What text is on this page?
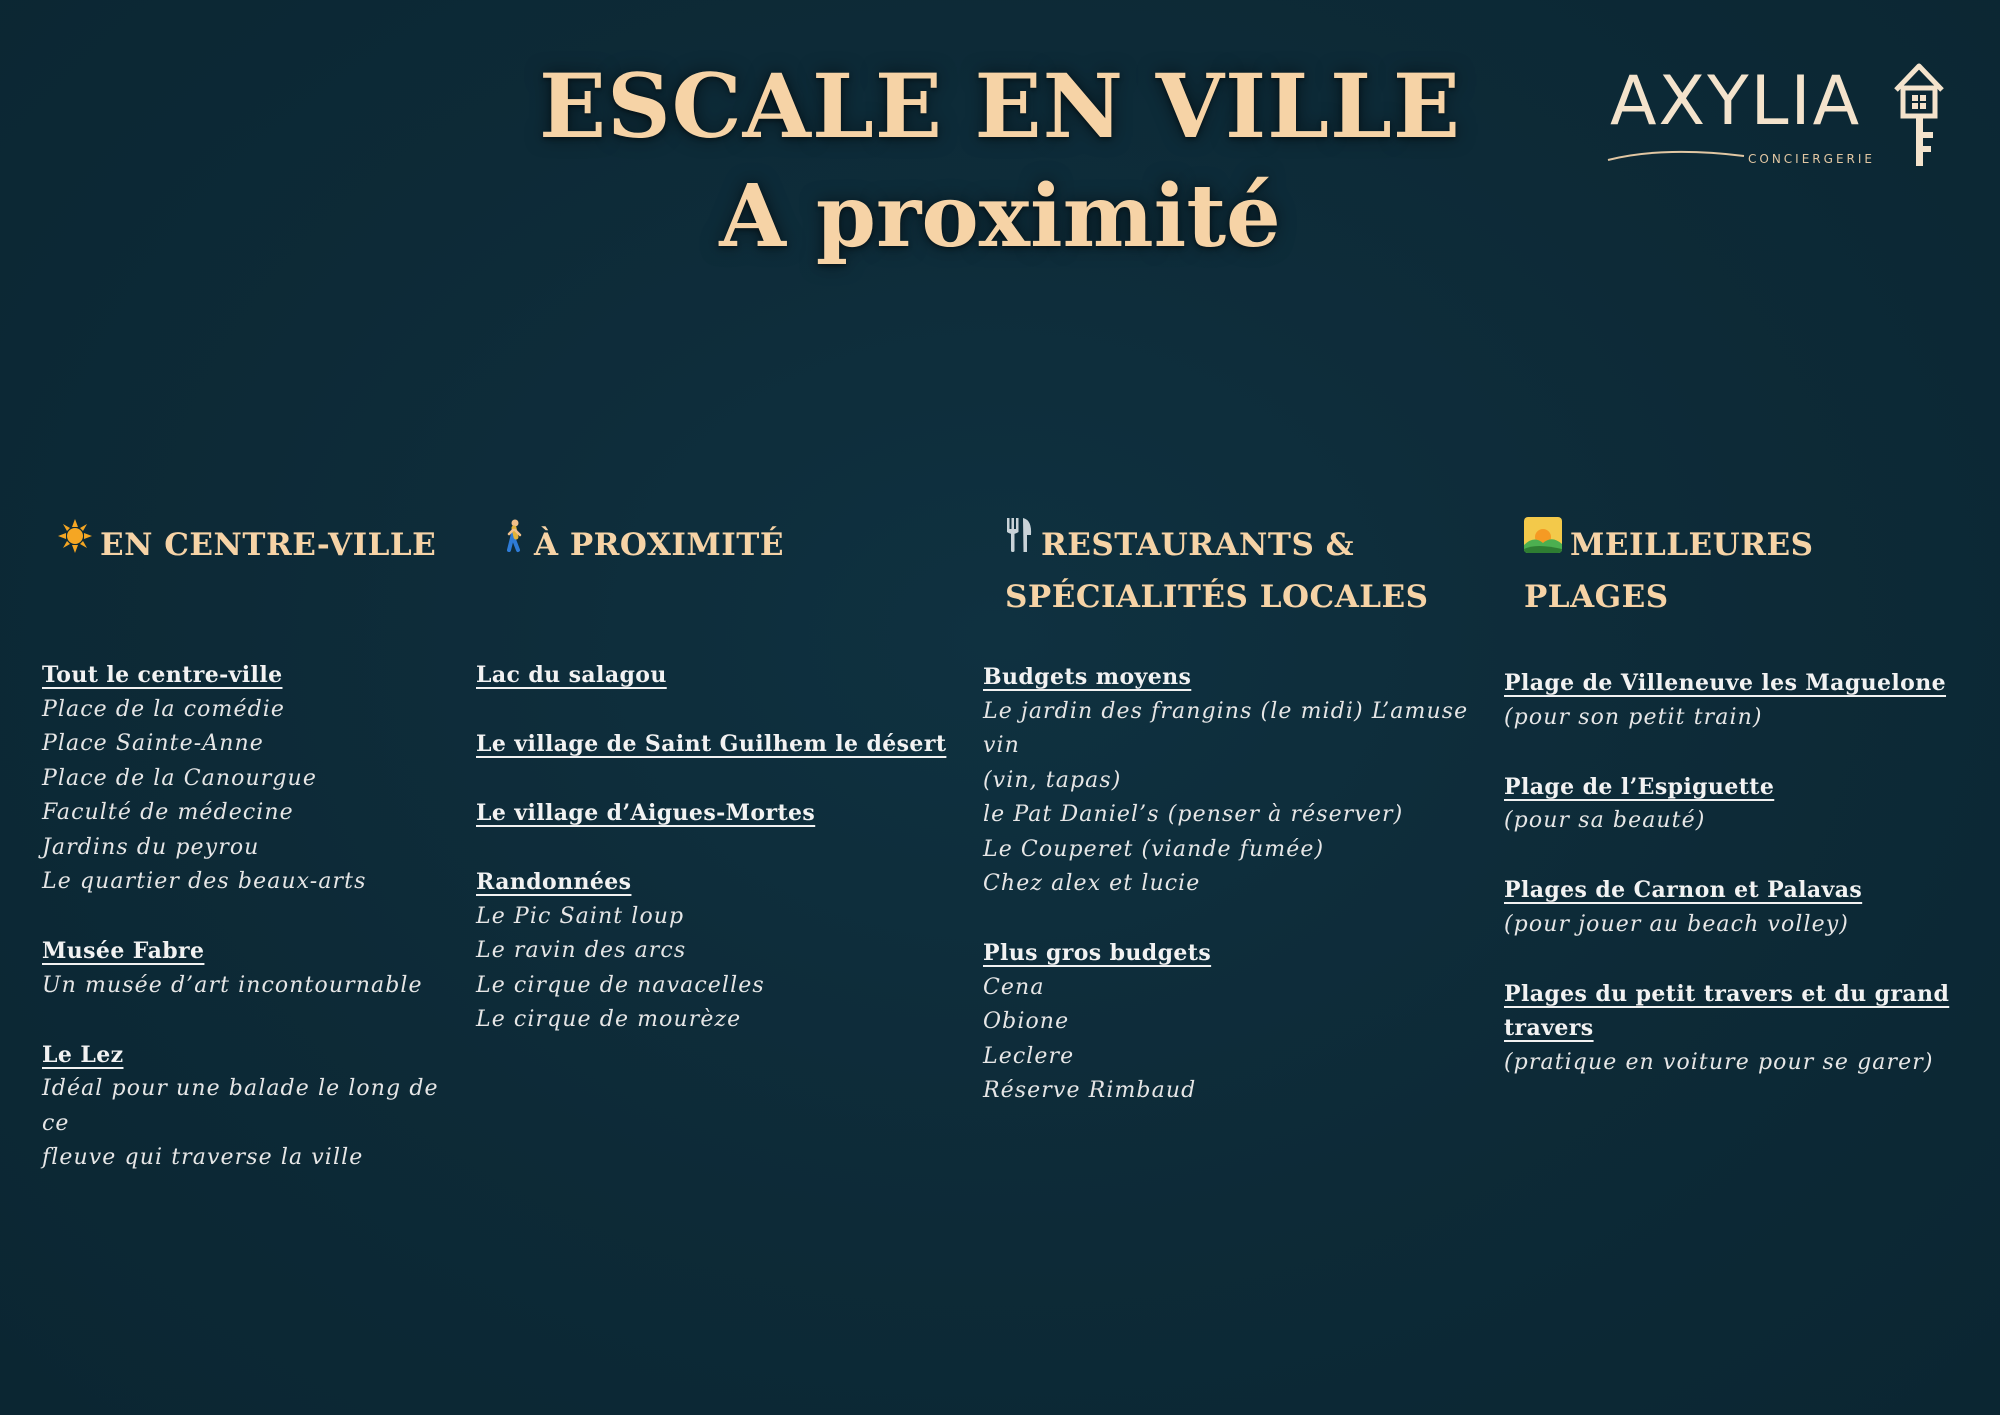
ESCALE EN VILLE
A proximité
AXYLIA
CONCIERGERIE
EN CENTRE-VILLE
Tout le centre-ville
Place de la comédie
Place Sainte-Anne
Place de la Canourgue
Faculté de médecine
Jardins du peyrou
Le quartier des beaux-arts
Musée Fabre
Un musée d’art incontournable
Le Lez
Idéal pour une balade le long de ce
fleuve qui traverse la ville
À PROXIMITÉ
Lac du salagou
Le village de Saint Guilhem le désert
Le village d’Aigues-Mortes
Randonnées
Le Pic Saint loup
Le ravin des arcs
Le cirque de navacelles
Le cirque de mourèze
RESTAURANTS &
SPÉCIALITÉS LOCALES
Budgets moyens
Le jardin des frangins (le midi) L’amuse vin
(vin, tapas)
le Pat Daniel’s (penser à réserver)
Le Couperet (viande fumée)
Chez alex et lucie
Plus gros budgets
Cena
Obione
Leclere
Réserve Rimbaud
MEILLEURES
PLAGES
Plage de Villeneuve les Maguelone
(pour son petit train)
Plage de l’Espiguette
(pour sa beauté)
Plages de Carnon et Palavas
(pour jouer au beach volley)
Plages du petit travers et du grand
travers
(pratique en voiture pour se garer)
